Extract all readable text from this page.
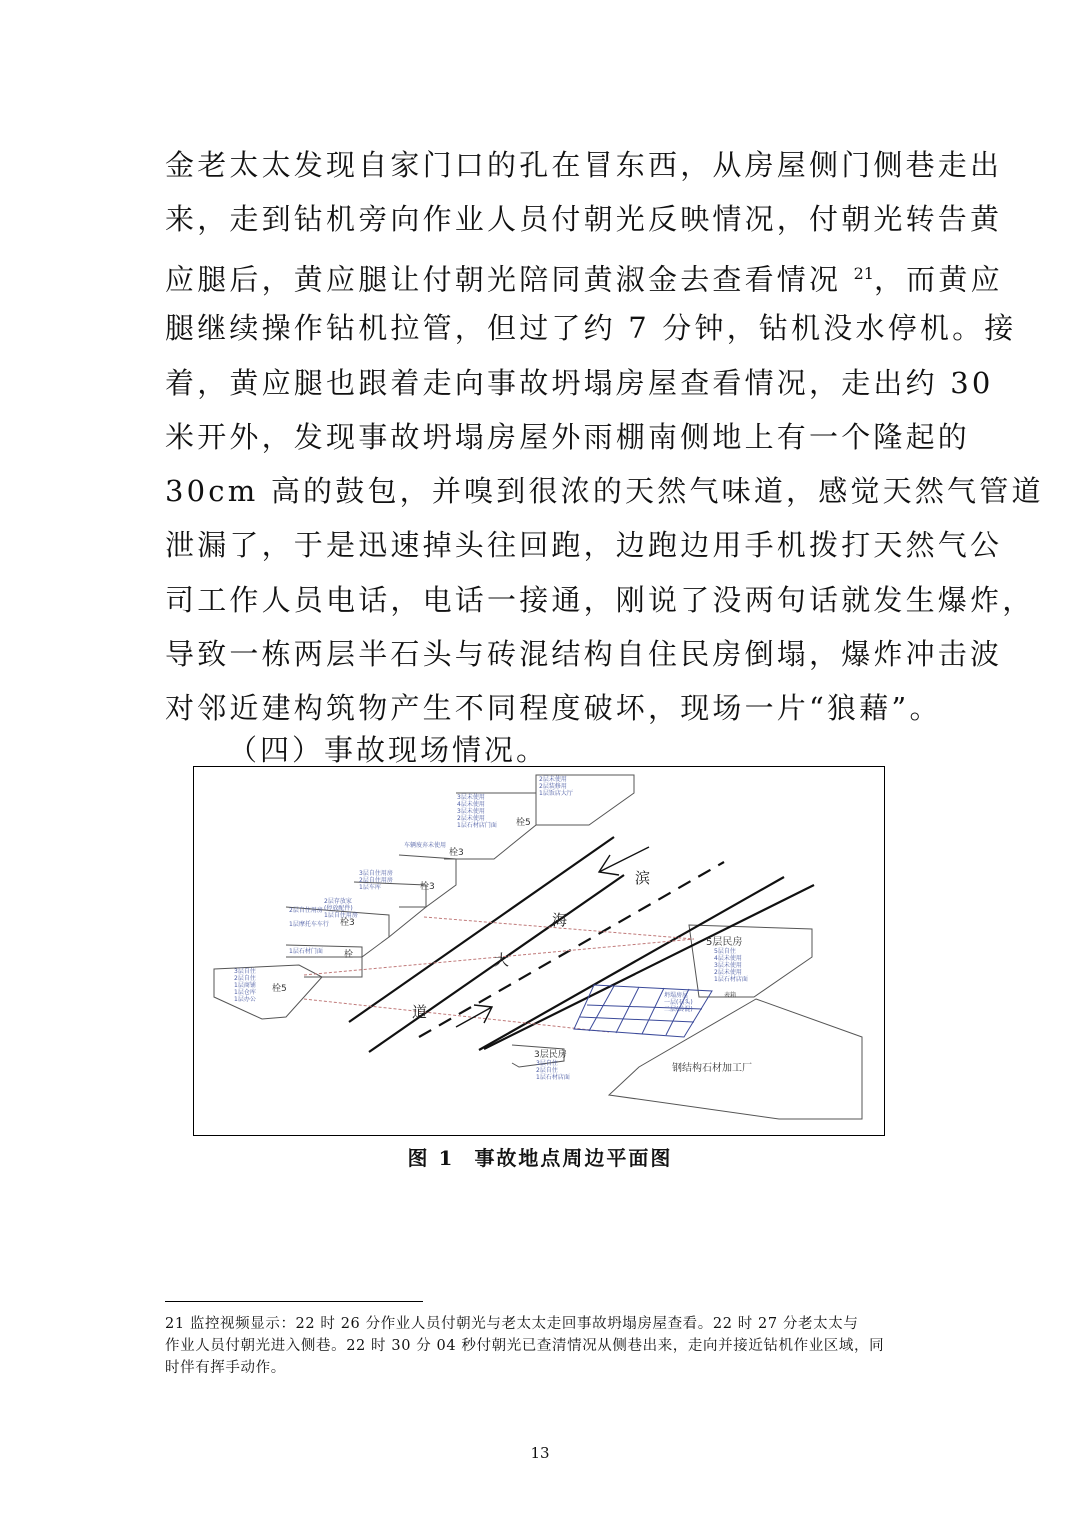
金老太太发现自家门口的孔在冒东西，从房屋侧门侧巷走出
来，走到钻机旁向作业人员付朝光反映情况，付朝光转告黄
应腿后，黄应腿让付朝光陪同黄淑金去查看情况 $^{21}$，而黄应
腿继续操作钻机拉管，但过了约 7 分钟，钻机没水停机。接
着，黄应腿也跟着走向事故坍塌房屋查看情况，走出约 30
米开外，发现事故坍塌房屋外雨棚南侧地上有一个隆起的
30cm 高的鼓包，并嗅到很浓的天然气味道，感觉天然气管道
泄漏了，于是迅速掉头往回跑，边跑边用手机拨打天然气公
司工作人员电话，电话一接通，刚说了没两句话就发生爆炸，
导致一栋两层半石头与砖混结构自住民房倒塌，爆炸冲击波
对邻近建构筑物产生不同程度破坏，现场一片“狼藉”。
（四）事故现场情况。
滨
海
大
道
栓5
栓3
栓3
栓3
栓
栓5
5层民房
3层民房
钢结构石材加工厂
表箱
2层未使用
2层装修用
1层饭店大厅
3层未使用
4层未使用
3层未使用
2层未使用
1层石材店门面
车辆废弃未使用
3层自住用房
2层自住用房
1层车库
2层存放家
(停放配件)
1层自住用房
2层自住用房
1层摩托车车行
1层石材门面
3层自住
2层自住
1层商铺
1层仓库
1层办公
5层自住
4层未使用
3层未使用
2层未使用
1层石材店面
坍塌房屋
一层(石头)
二层(砖混)
3层自住
2层自住
1层石材店面
图 1 事故地点周边平面图
21 监控视频显示：22 时 26 分作业人员付朝光与老太太走回事故坍塌房屋查看。22 时 27 分老太太与
作业人员付朝光进入侧巷。22 时 30 分 04 秒付朝光已查清情况从侧巷出来，走向并接近钻机作业区域，同
时伴有挥手动作。
13
